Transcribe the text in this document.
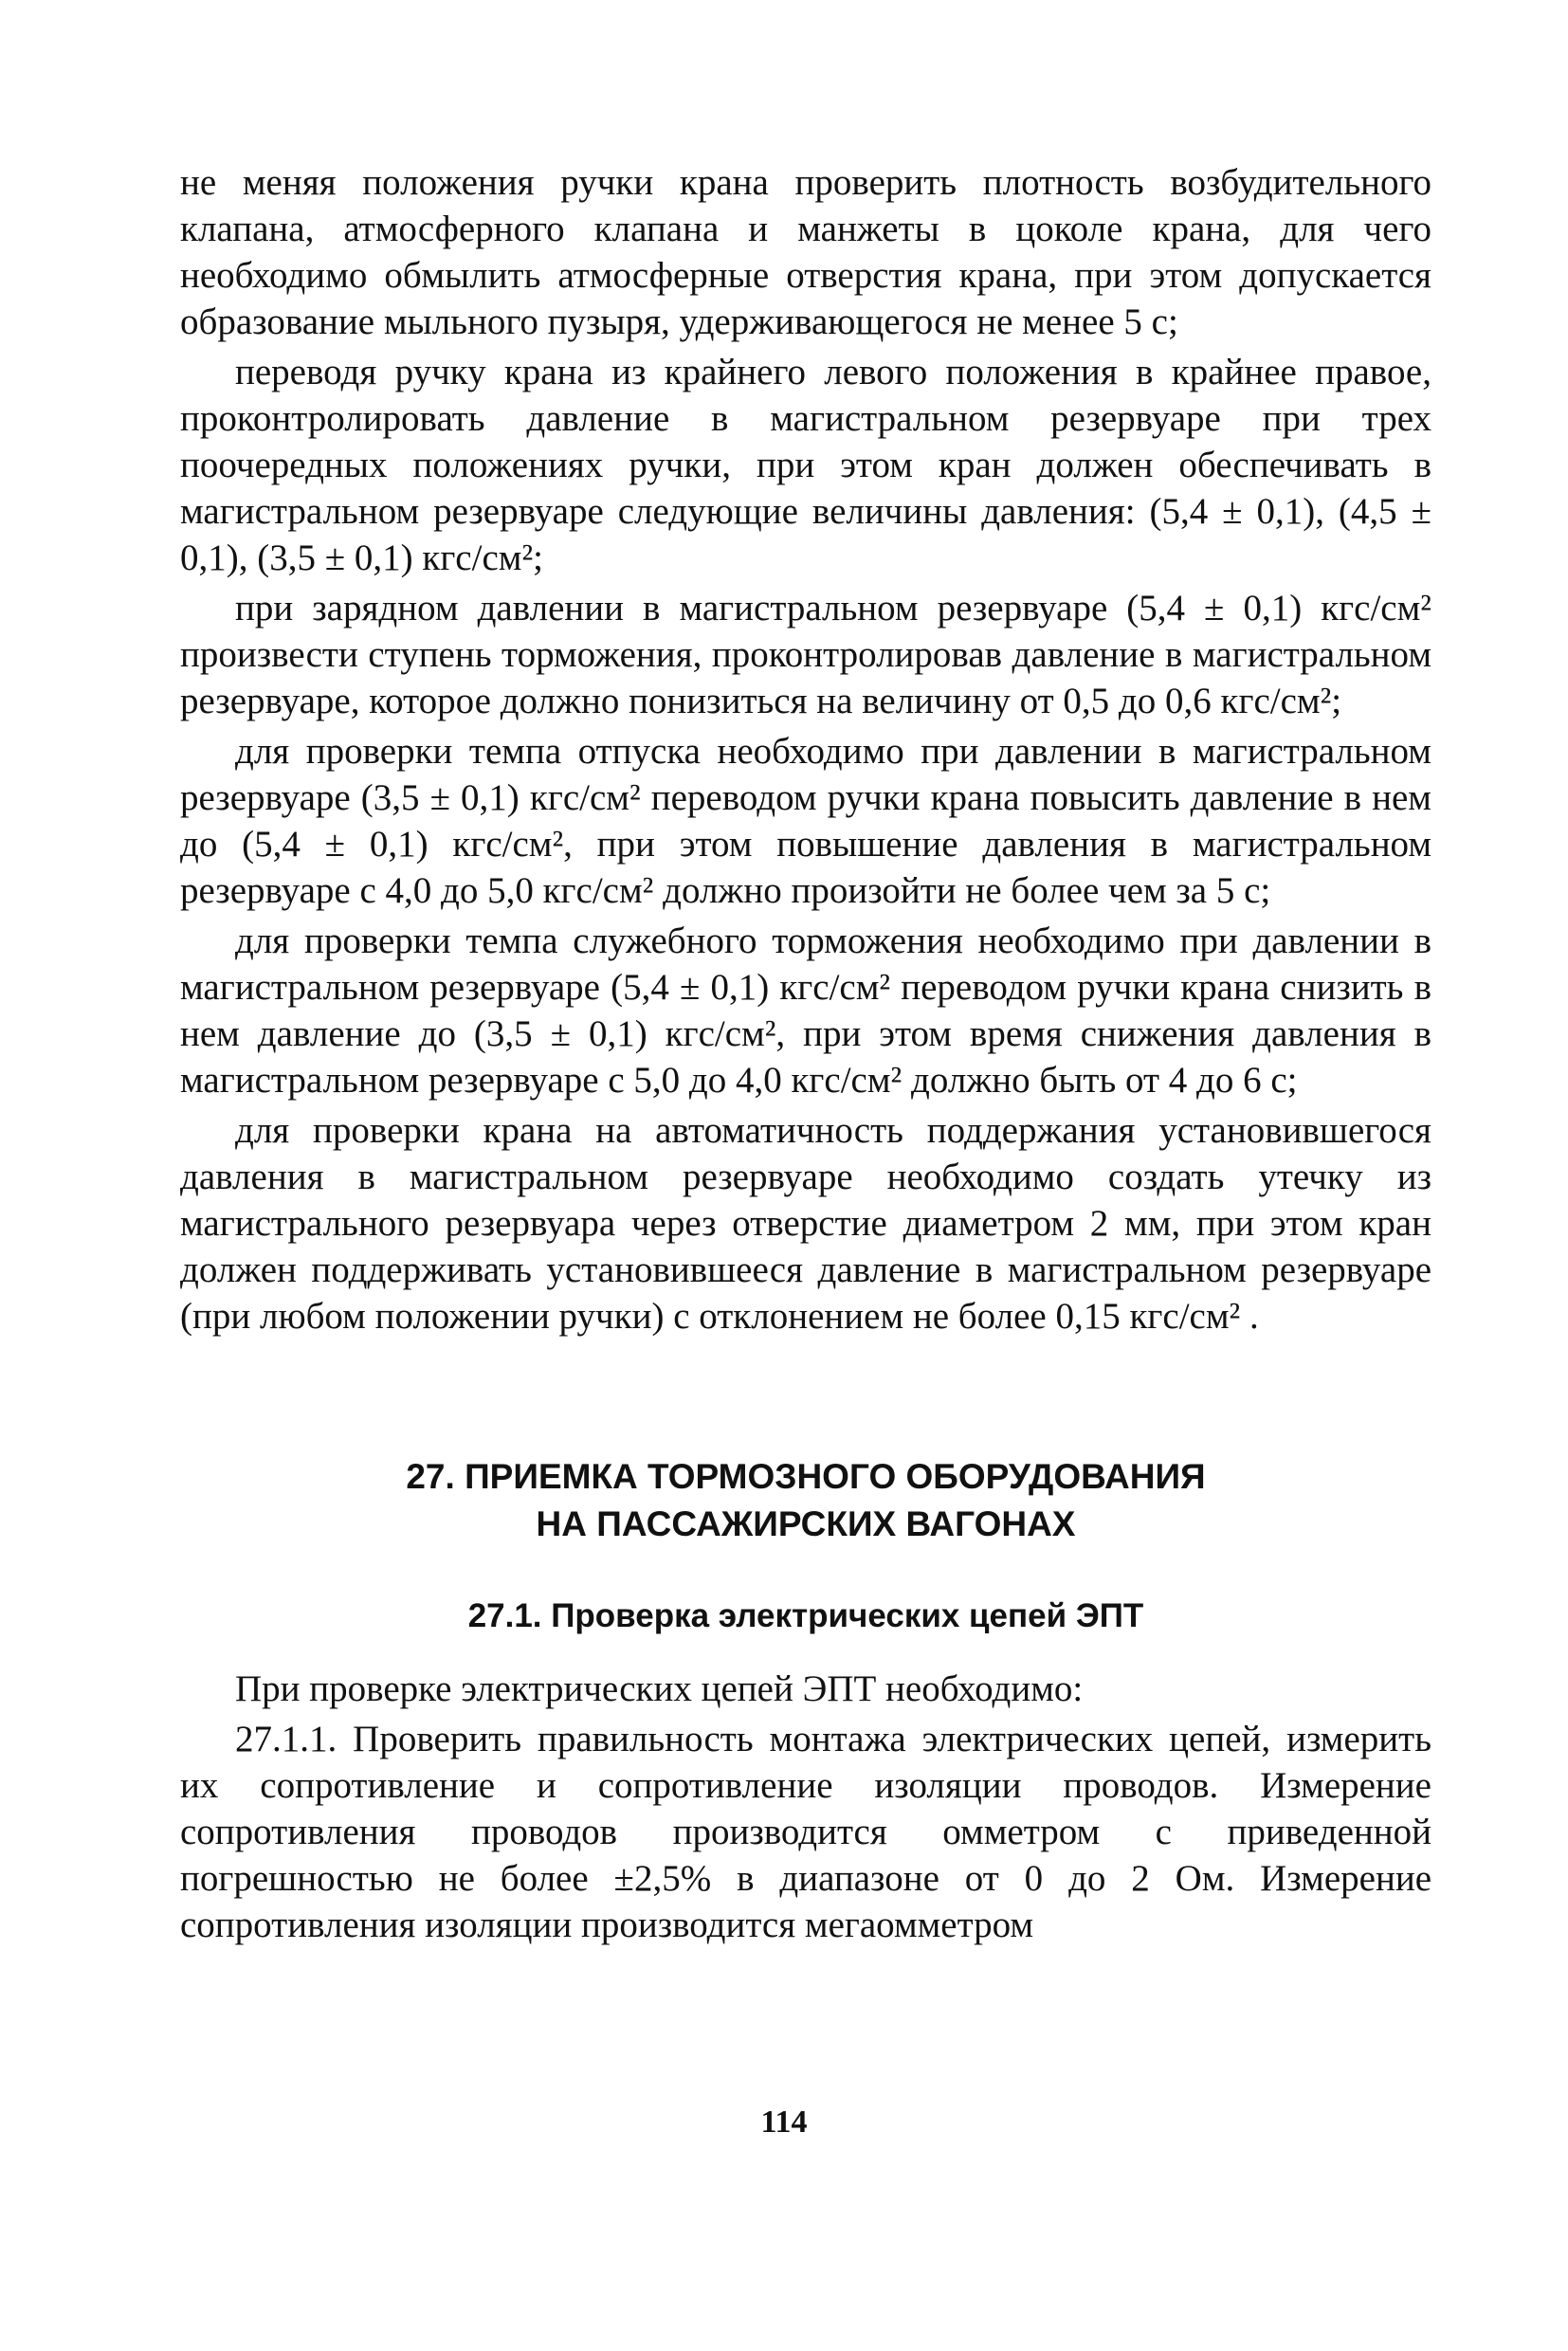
не меняя положения ручки крана проверить плотность возбудительного клапана, атмосферного клапана и манжеты в цоколе крана, для чего необходимо обмылить атмосферные отверстия крана, при этом допускается образование мыльного пузыря, удерживающегося не менее 5 с;

переводя ручку крана из крайнего левого положения в крайнее правое, проконтролировать давление в магистральном резервуаре при трех поочередных положениях ручки, при этом кран должен обеспечивать в магистральном резервуаре следующие величины давления: (5,4 ± 0,1), (4,5 ± 0,1), (3,5 ± 0,1) кгс/см²;

при зарядном давлении в магистральном резервуаре (5,4 ± 0,1) кгс/см² произвести ступень торможения, проконтролировав давление в магистральном резервуаре, которое должно понизиться на величину от 0,5 до 0,6 кгс/см²;

для проверки темпа отпуска необходимо при давлении в магистральном резервуаре (3,5 ± 0,1) кгс/см² переводом ручки крана повысить давление в нем до (5,4 ± 0,1) кгс/см², при этом повышение давления в магистральном резервуаре с 4,0 до 5,0 кгс/см² должно произойти не более чем за 5 с;

для проверки темпа служебного торможения необходимо при давлении в магистральном резервуаре (5,4 ± 0,1) кгс/см² переводом ручки крана снизить в нем давление до (3,5 ± 0,1) кгс/см², при этом время снижения давления в магистральном резервуаре с 5,0 до 4,0 кгс/см² должно быть от 4 до 6 с;

для проверки крана на автоматичность поддержания установившегося давления в магистральном резервуаре необходимо создать утечку из магистрального резервуара через отверстие диаметром 2 мм, при этом кран должен поддерживать установившееся давление в магистральном резервуаре (при любом положении ручки) с отклонением не более 0,15 кгс/см² .

27. ПРИЕМКА ТОРМОЗНОГО ОБОРУДОВАНИЯ

НА ПАССАЖИРСКИХ ВАГОНАХ

27.1. Проверка электрических цепей ЭПТ

При проверке электрических цепей ЭПТ необходимо:

27.1.1. Проверить правильность монтажа электрических цепей, измерить их сопротивление и сопротивление изоляции проводов. Измерение сопротивления проводов производится омметром с приведенной погрешностью не более ±2,5% в диапазоне от 0 до 2 Ом. Измерение сопротивления изоляции производится мегаомметром

114
